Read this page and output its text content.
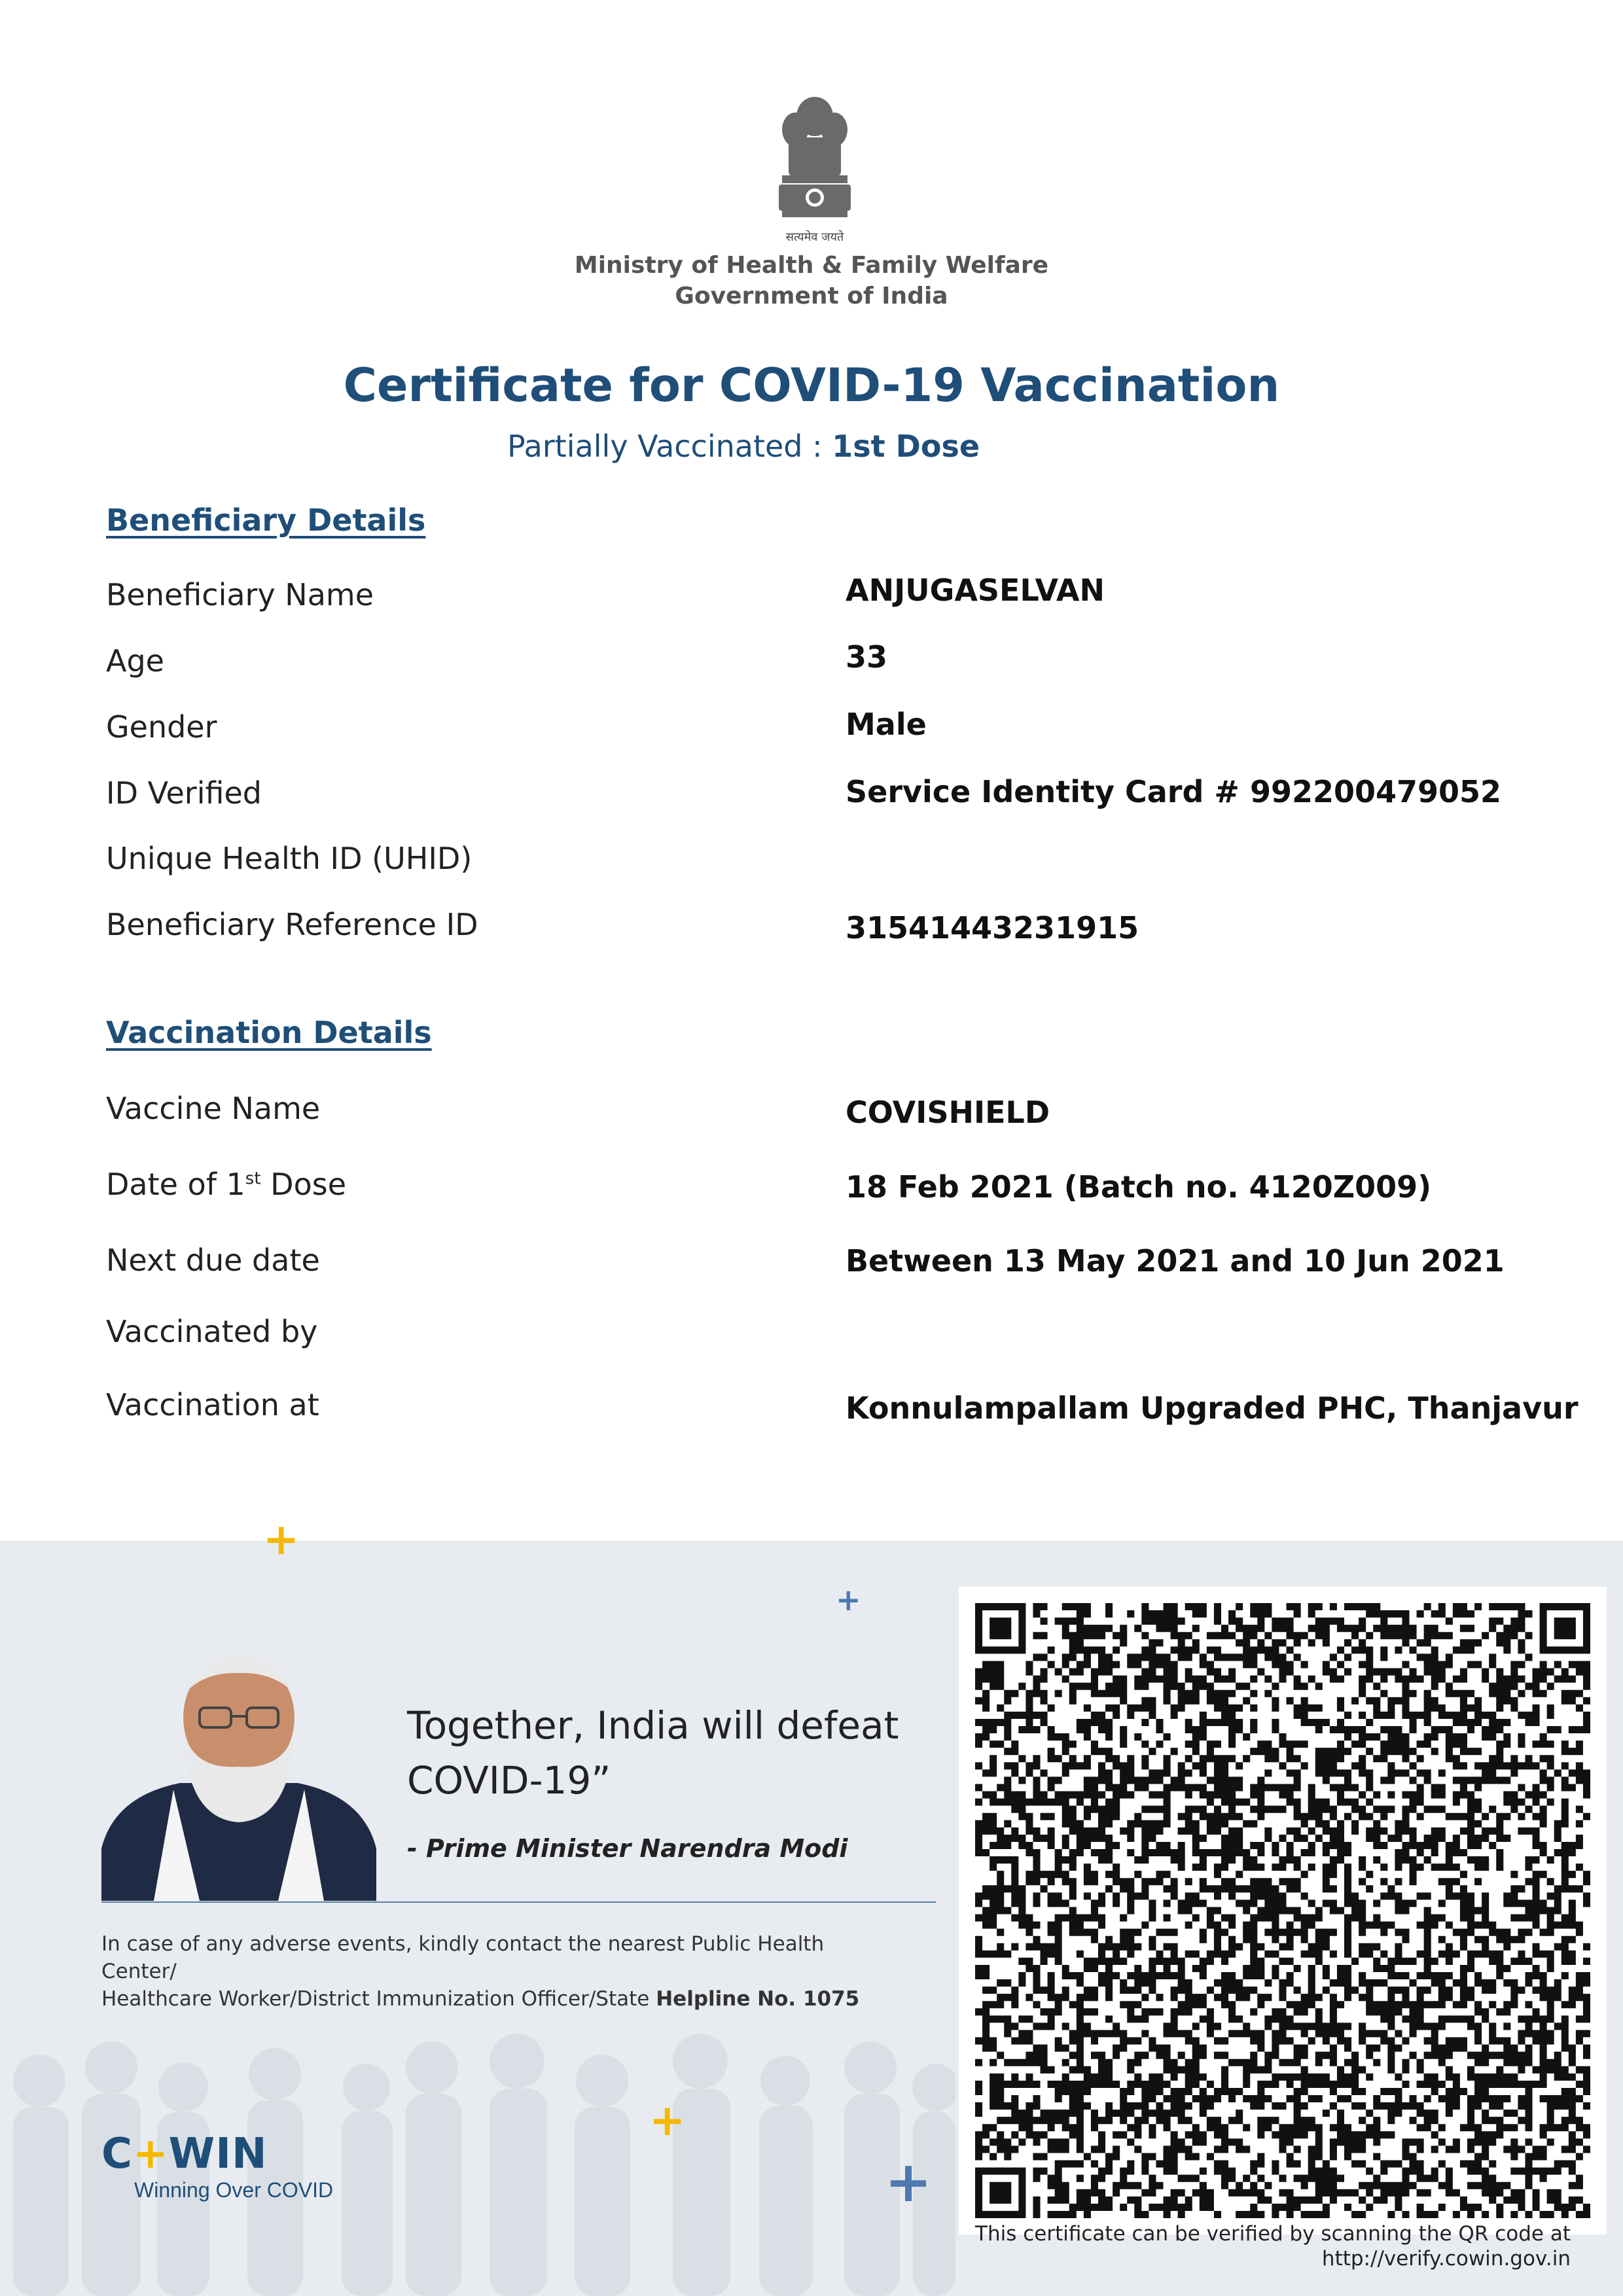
सत्यमेव जयते
Ministry of Health & Family Welfare
Government of India
Certificate for COVID-19 Vaccination
Partially Vaccinated : 1st Dose
Beneficiary Details
Beneficiary Name	ANJUGASELVAN
Age	33
Gender	Male
ID Verified	Service Identity Card # 992200479052
Unique Health ID (UHID)
Beneficiary Reference ID	31541443231915
Vaccination Details
Vaccine Name	COVISHIELD
Date of 1st Dose	18 Feb 2021 (Batch no. 4120Z009)
Next due date	Between 13 May 2021 and 10 Jun 2021
Vaccinated by
Vaccination at	Konnulampallam Upgraded PHC, Thanjavur
+
+
+
+
Together, India will defeat
COVID-19”
- Prime Minister Narendra Modi
In case of any adverse events, kindly contact the nearest Public Health Center/
Healthcare Worker/District Immunization Officer/State Helpline No. 1075
C+WIN
Winning Over COVID
This certificate can be verified by scanning the QR code at
http://verify.cowin.gov.in
